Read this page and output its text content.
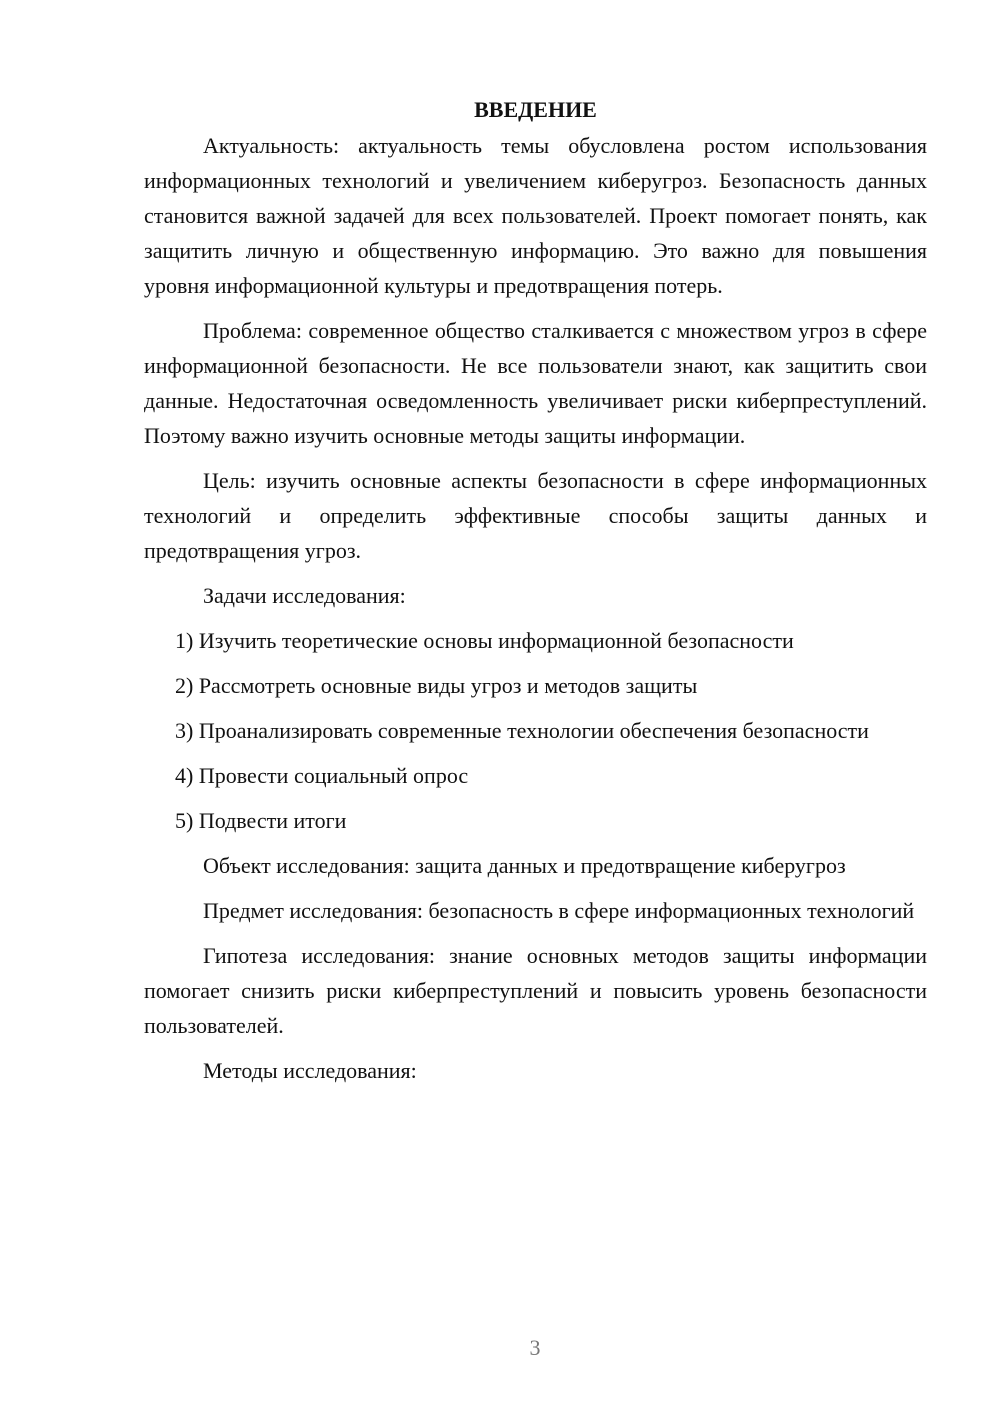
ВВЕДЕНИЕ

Актуальность: актуальность темы обусловлена ростом использования информационных технологий и увеличением киберугроз. Безопасность данных становится важной задачей для всех пользователей. Проект помогает понять, как защитить личную и общественную информацию. Это важно для повышения уровня информационной культуры и предотвращения потерь.

Проблема: современное общество сталкивается с множеством угроз в сфере информационной безопасности. Не все пользователи знают, как защитить свои данные. Недостаточная осведомленность увеличивает риски киберпреступлений. Поэтому важно изучить основные методы защиты информации.

Цель: изучить основные аспекты безопасности в сфере информационных технологий и определить эффективные способы защиты данных и предотвращения угроз.

Задачи исследования:

1) Изучить теоретические основы информационной безопасности

2) Рассмотреть основные виды угроз и методов защиты

3) Проанализировать современные технологии обеспечения безопасности

4) Провести социальный опрос

5) Подвести итоги

Объект исследования: защита данных и предотвращение киберугроз

Предмет исследования: безопасность в сфере информационных технологий

Гипотеза исследования: знание основных методов защиты информации помогает снизить риски киберпреступлений и повысить уровень безопасности пользователей.

Методы исследования:

3
